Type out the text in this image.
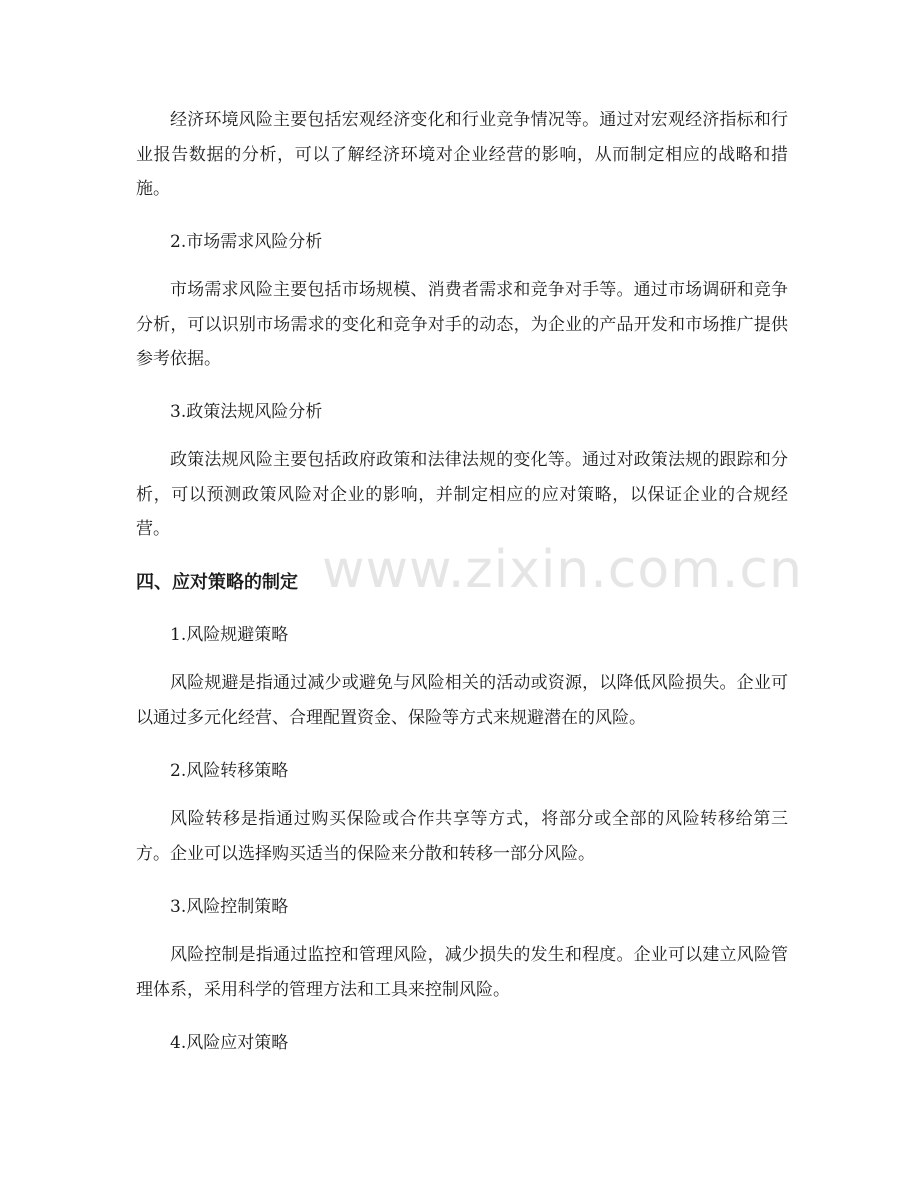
经济环境风险主要包括宏观经济变化和行业竞争情况等。通过对宏观经济指标和行业报告数据的分析，可以了解经济环境对企业经营的影响，从而制定相应的战略和措施。

2.市场需求风险分析

市场需求风险主要包括市场规模、消费者需求和竞争对手等。通过市场调研和竞争分析，可以识别市场需求的变化和竞争对手的动态，为企业的产品开发和市场推广提供参考依据。

3.政策法规风险分析

政策法规风险主要包括政府政策和法律法规的变化等。通过对政策法规的跟踪和分析，可以预测政策风险对企业的影响，并制定相应的应对策略，以保证企业的合规经营。

四、应对策略的制定

1.风险规避策略

风险规避是指通过减少或避免与风险相关的活动或资源，以降低风险损失。企业可以通过多元化经营、合理配置资金、保险等方式来规避潜在的风险。

2.风险转移策略

风险转移是指通过购买保险或合作共享等方式，将部分或全部的风险转移给第三方。企业可以选择购买适当的保险来分散和转移一部分风险。

3.风险控制策略

风险控制是指通过监控和管理风险，减少损失的发生和程度。企业可以建立风险管理体系，采用科学的管理方法和工具来控制风险。

4.风险应对策略

www.zixin.com.cn
